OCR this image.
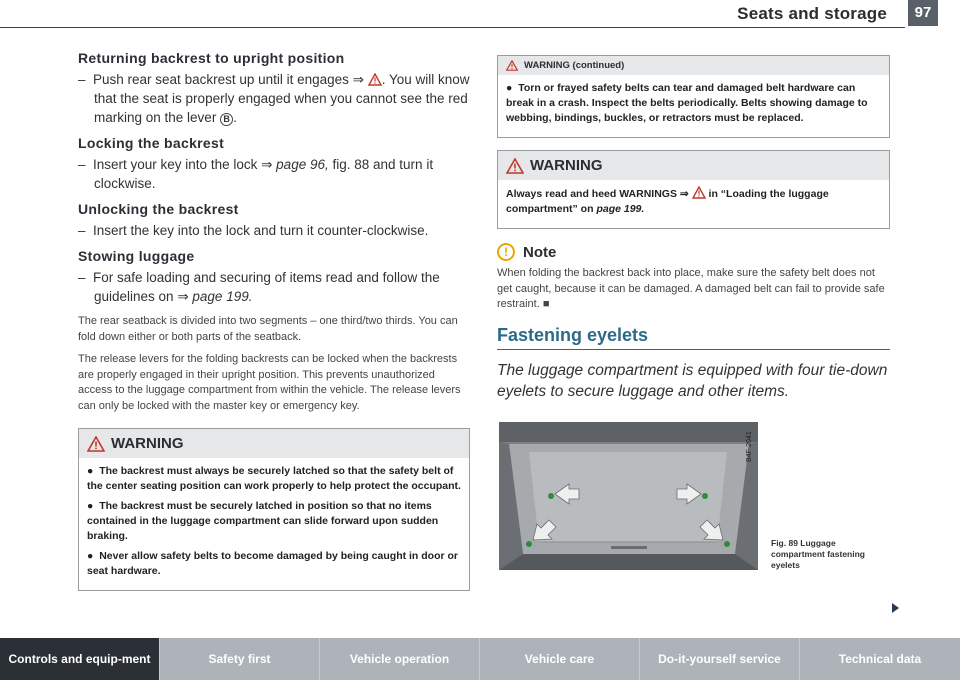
Seats and storage	97
Returning backrest to upright position
–  Push rear seat backrest up until it engages ⇒ . You will know that the seat is properly engaged when you cannot see the red marking on the lever B .
Locking the backrest
–  Insert your key into the lock ⇒ page 96, fig. 88 and turn it clockwise.
Unlocking the backrest
–  Insert the key into the lock and turn it counter-clockwise.
Stowing luggage
–  For safe loading and securing of items read and follow the guidelines on ⇒ page 199.

The rear seatback is divided into two segments – one third/two thirds. You can fold down either or both parts of the seatback.

The release levers for the folding backrests can be locked when the backrests are properly engaged in their upright position. This prevents unauthorized access to the luggage compartment from within the vehicle. The release levers can only be locked with the master key or emergency key.

WARNING

●  The backrest must always be securely latched so that the safety belt of the center seating position can work properly to help protect the occupant.

●  The backrest must be securely latched in position so that no items contained in the luggage compartment can slide forward upon sudden braking.

●  Never allow safety belts to become damaged by being caught in door or seat hardware.

WARNING (continued)

●  Torn or frayed safety belts can tear and damaged belt hardware can break in a crash. Inspect the belts periodically. Belts showing damage to webbing, bindings, buckles, or retractors must be replaced.

WARNING

Always read and heed WARNINGS ⇒  in “Loading the luggage compartment” on page 199.

!	Note

When folding the backrest back into place, make sure the safety belt does not get caught, because it can be damaged. A damaged belt can fail to provide safe restraint. ■

Fastening eyelets

The luggage compartment is equipped with four tie-down eyelets to secure luggage and other items.

B4F-2041
Fig. 89 Luggage compartment fastening eyelets
Controls and equip-ment	Safety first	Vehicle operation	Vehicle care	Do-it-yourself service	Technical data
